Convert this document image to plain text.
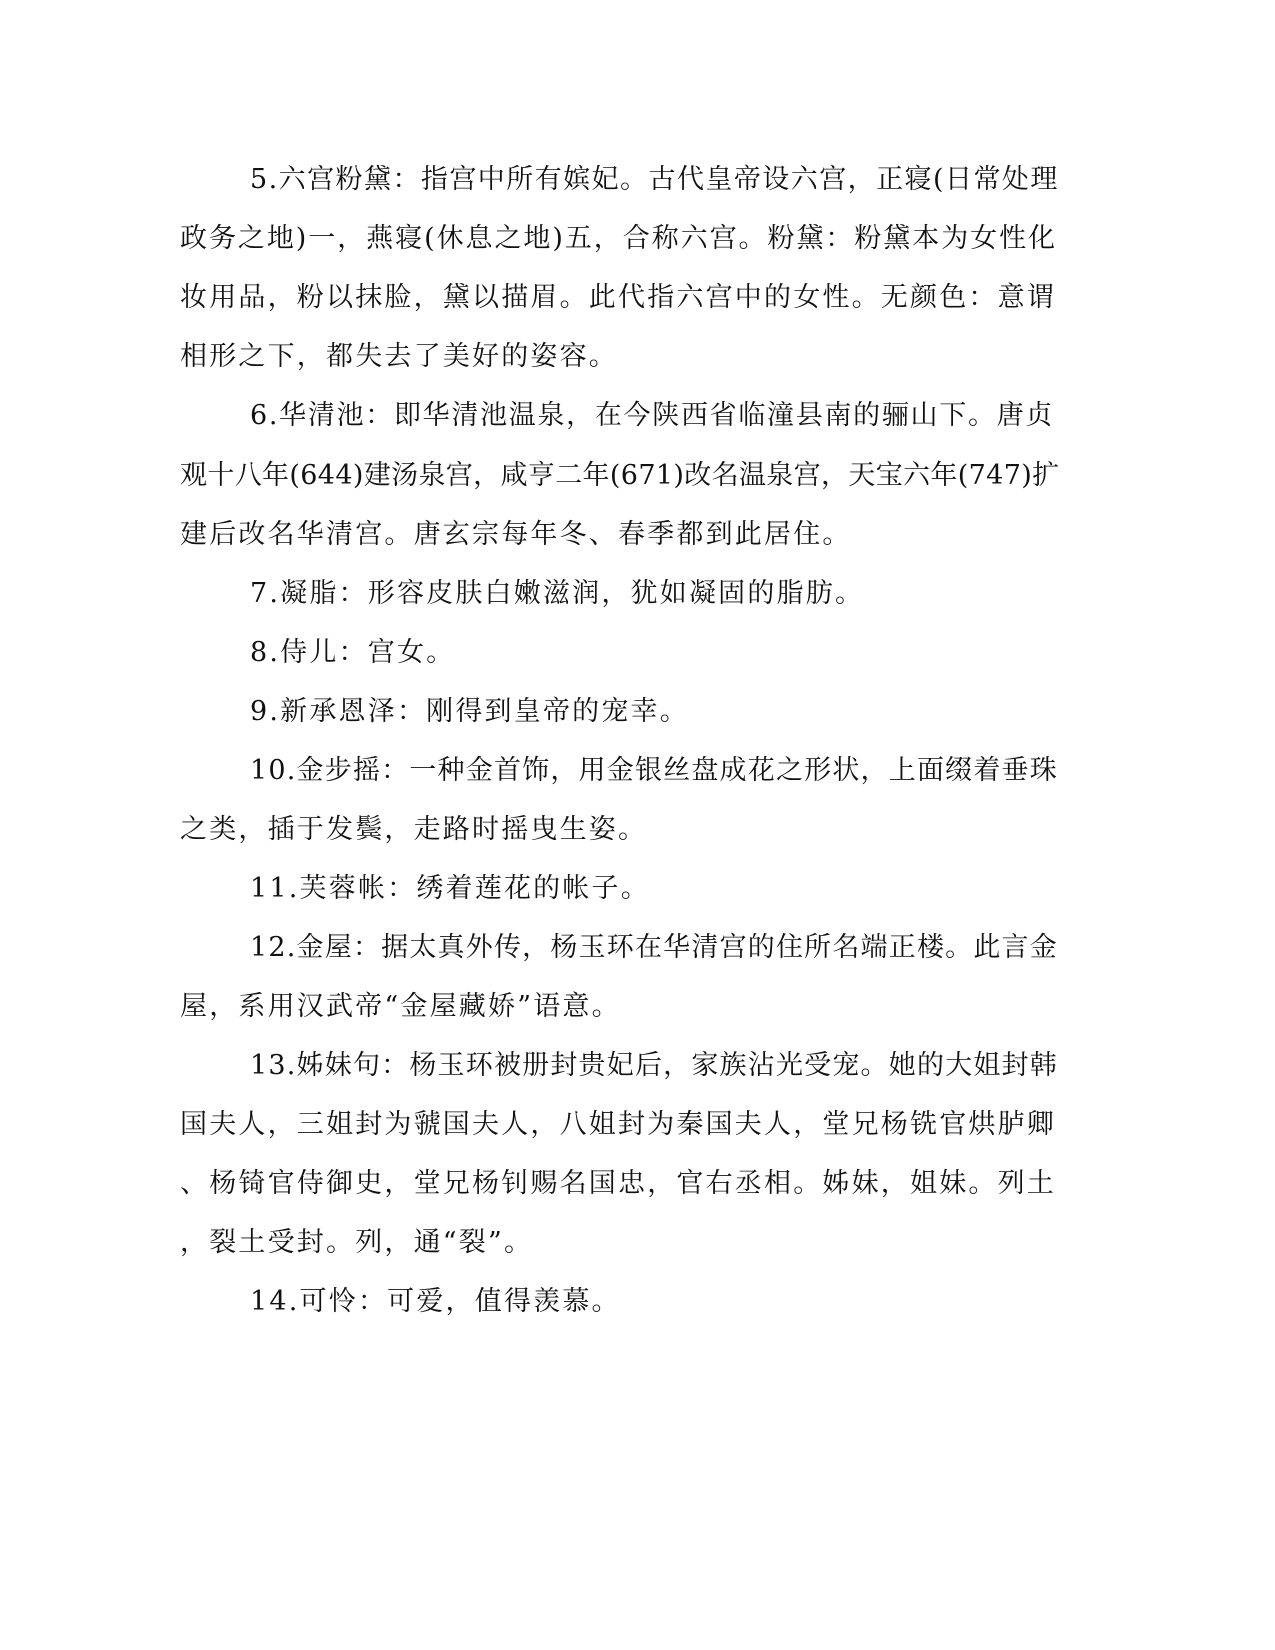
5.六宫粉黛：指宫中所有嫔妃。古代皇帝设六宫，正寝(日常处理
政务之地)一，燕寝(休息之地)五，合称六宫。粉黛：粉黛本为女性化
妆用品，粉以抹脸，黛以描眉。此代指六宫中的女性。无颜色：意谓
相形之下，都失去了美好的姿容。
6.华清池：即华清池温泉，在今陕西省临潼县南的骊山下。唐贞
观十八年(644)建汤泉宫，咸亨二年(671)改名温泉宫，天宝六年(747)扩
建后改名华清宫。唐玄宗每年冬、春季都到此居住。
7.凝脂：形容皮肤白嫩滋润，犹如凝固的脂肪。
8.侍儿：宫女。
9.新承恩泽：刚得到皇帝的宠幸。
10.金步摇：一种金首饰，用金银丝盘成花之形状，上面缀着垂珠
之类，插于发鬓，走路时摇曳生姿。
11.芙蓉帐：绣着莲花的帐子。
12.金屋：据太真外传，杨玉环在华清宫的住所名端正楼。此言金
屋，系用汉武帝“金屋藏娇”语意。
13.姊妹句：杨玉环被册封贵妃后，家族沾光受宠。她的大姐封韩
国夫人，三姐封为虢国夫人，八姐封为秦国夫人，堂兄杨铣官烘胪卿
、杨锜官侍御史，堂兄杨钊赐名国忠，官右丞相。姊妹，姐妹。列土
，裂土受封。列，通“裂”。
14.可怜：可爱，值得羡慕。
